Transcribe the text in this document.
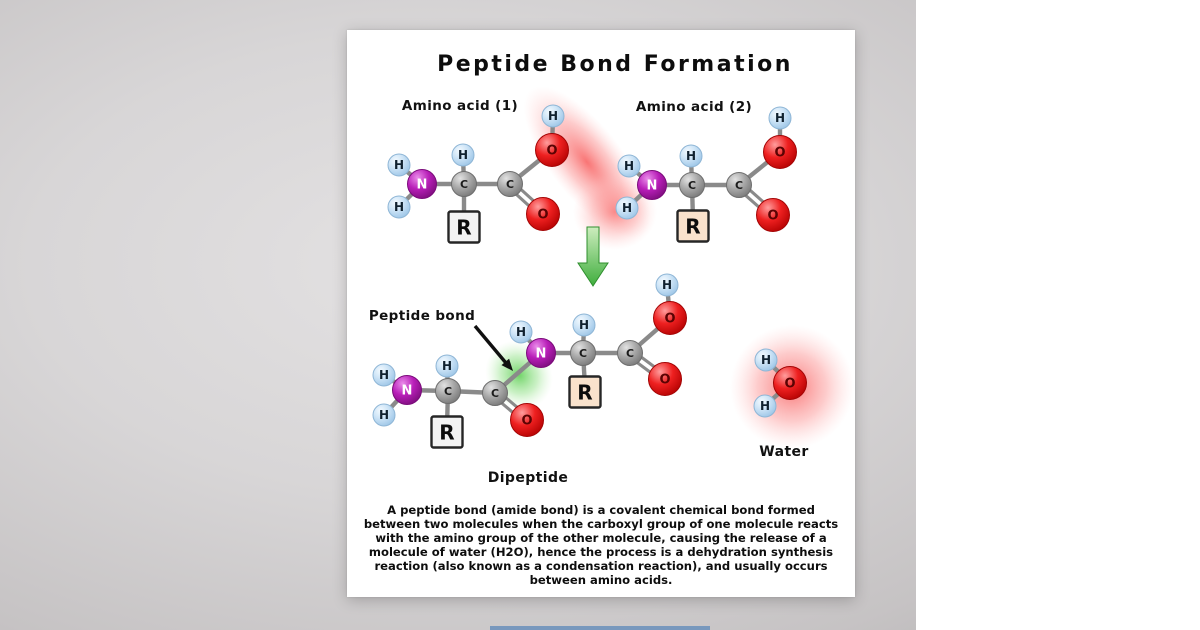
R	R
R
R
H
O
H
H
N
H
C	C
O
H
O
H
H
N
H
C	C
O
H
N
H
H
C	C
O
H
N
H
C	C
O
O
H
H
O
H
Peptide Bond Formation
Amino acid (1)	Amino acid (2)
Peptide bond
Dipeptide
Water
A peptide bond (amide bond) is a covalent chemical bond formed between two molecules when the carboxyl group of one molecule reacts with the amino group of the other molecule, causing the release of a molecule of water (H2O), hence the process is a dehydration synthesis reaction (also known as a condensation reaction), and usually occurs between amino acids.
